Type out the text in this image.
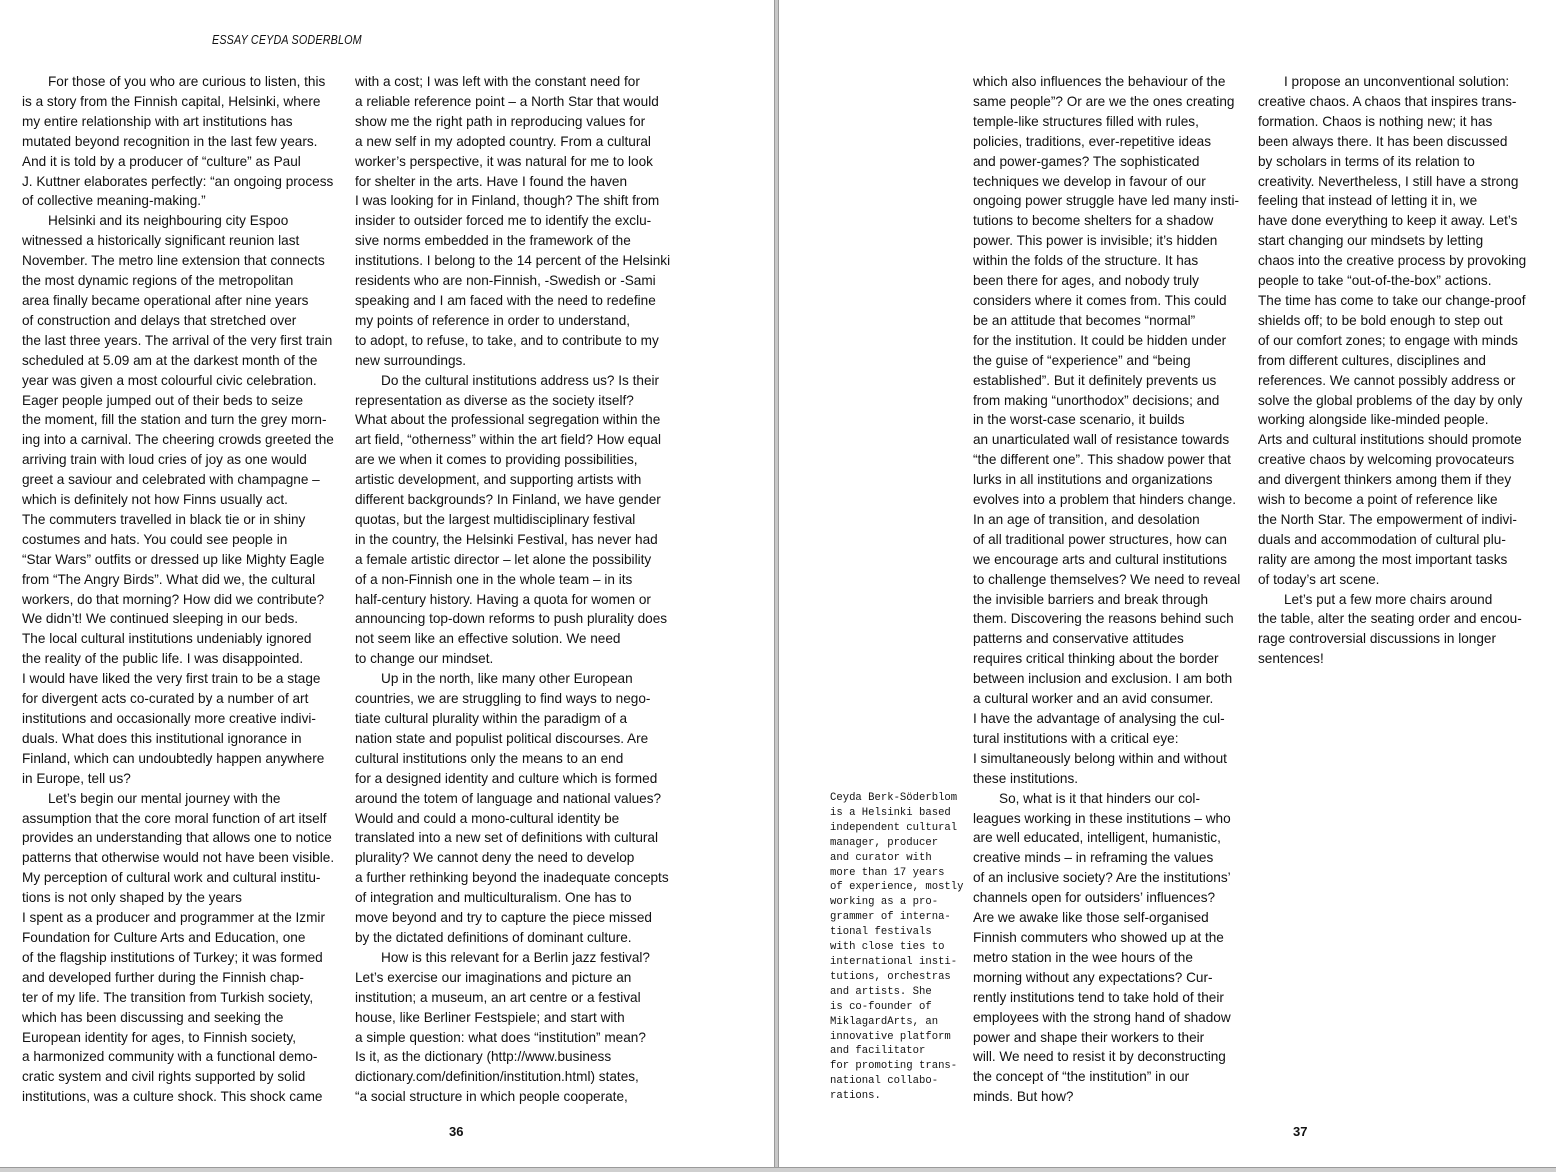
ESSAY CEYDA SODERBLOM
For those of you who are curious to listen, this
is a story from the Finnish capital, Helsinki, where
my entire relationship with art institutions has
mutated beyond recognition in the last few years.
And it is told by a producer of “culture” as Paul
J. Kuttner elaborates perfectly: “an ongoing process
of collective meaning-making.”
Helsinki and its neighbouring city Espoo
witnessed a historically significant reunion last
November. The metro line extension that connects
the most dynamic regions of the metropolitan
area finally became operational after nine years
of construction and delays that stretched over
the last three years. The arrival of the very first train
scheduled at 5.09 am at the darkest month of the
year was given a most colourful civic celebration.
Eager people jumped out of their beds to seize
the moment, fill the station and turn the grey morn-
ing into a carnival. The cheering crowds greeted the
arriving train with loud cries of joy as one would
greet a saviour and celebrated with champagne –
which is definitely not how Finns usually act.
The commuters travelled in black tie or in shiny
costumes and hats. You could see people in
“Star Wars” outfits or dressed up like Mighty Eagle
from “The Angry Birds”. What did we, the cultural
workers, do that morning? How did we contribute?
We didn’t! We continued sleeping in our beds.
The local cultural institutions undeniably ignored
the reality of the public life. I was disappointed.
I would have liked the very first train to be a stage
for divergent acts co-curated by a number of art
institutions and occasionally more creative indivi-
duals. What does this institutional ignorance in
Finland, which can undoubtedly happen anywhere
in Europe, tell us?
Let’s begin our mental journey with the
assumption that the core moral function of art itself
provides an understanding that allows one to notice
patterns that otherwise would not have been visible.
My perception of cultural work and cultural institu-
tions is not only shaped by the years
I spent as a producer and programmer at the Izmir
Foundation for Culture Arts and Education, one
of the flagship institutions of Turkey; it was formed
and developed further during the Finnish chap-
ter of my life. The transition from Turkish society,
which has been discussing and seeking the
European identity for ages, to Finnish society,
a harmonized community with a functional demo-
cratic system and civil rights supported by solid
institutions, was a culture shock. This shock came
with a cost; I was left with the constant need for
a reliable reference point – a North Star that would
show me the right path in reproducing values for
a new self in my adopted country. From a cultural
worker’s perspective, it was natural for me to look
for shelter in the arts. Have I found the haven
I was looking for in Finland, though? The shift from
insider to outsider forced me to identify the exclu-
sive norms embedded in the framework of the
institutions. I belong to the 14 percent of the Helsinki
residents who are non-Finnish, -Swedish or -Sami
speaking and I am faced with the need to redefine
my points of reference in order to understand,
to adopt, to refuse, to take, and to contribute to my
new surroundings.
Do the cultural institutions address us? Is their
representation as diverse as the society itself?
What about the professional segregation within the
art field, “otherness” within the art field? How equal
are we when it comes to providing possibilities,
artistic development, and supporting artists with
different backgrounds? In Finland, we have gender
quotas, but the largest multidisciplinary festival
in the country, the Helsinki Festival, has never had
a female artistic director – let alone the possibility
of a non-Finnish one in the whole team – in its
half-century history. Having a quota for women or
announcing top-down reforms to push plurality does
not seem like an effective solution. We need
to change our mindset.
Up in the north, like many other European
countries, we are struggling to find ways to nego-
tiate cultural plurality within the paradigm of a
nation state and populist political discourses. Are
cultural institutions only the means to an end
for a designed identity and culture which is formed
around the totem of language and national values?
Would and could a mono-cultural identity be
translated into a new set of definitions with cultural
plurality? We cannot deny the need to develop
a further rethinking beyond the inadequate concepts
of integration and multiculturalism. One has to
move beyond and try to capture the piece missed
by the dictated definitions of dominant culture.
How is this relevant for a Berlin jazz festival?
Let’s exercise our imaginations and picture an
institution; a museum, an art centre or a festival
house, like Berliner Festspiele; and start with
a simple question: what does “institution” mean?
Is it, as the dictionary (http://www.business
dictionary.com/definition/institution.html) states,
“a social structure in which people cooperate,
36
Ceyda Berk-Söderblom
is a Helsinki based
independent cultural
manager, producer
and curator with
more than 17 years
of experience, mostly
working as a pro-
grammer of interna-
tional festivals
with close ties to
international insti-
tutions, orchestras
and artists. She
is co-founder of
MiklagardArts, an
innovative platform
and facilitator
for promoting trans-
national collabo-
rations.
which also influences the behaviour of the
same people”? Or are we the ones creating
temple-like structures filled with rules,
policies, traditions, ever-repetitive ideas
and power-games? The sophisticated
techniques we develop in favour of our
ongoing power struggle have led many insti-
tutions to become shelters for a shadow
power. This power is invisible; it’s hidden
within the folds of the structure. It has
been there for ages, and nobody truly
considers where it comes from. This could
be an attitude that becomes “normal”
for the institution. It could be hidden under
the guise of “experience” and “being
established”. But it definitely prevents us
from making “unorthodox” decisions; and
in the worst-case scenario, it builds
an unarticulated wall of resistance towards
“the different one”. This shadow power that
lurks in all institutions and organizations
evolves into a problem that hinders change.
In an age of transition, and desolation
of all traditional power structures, how can
we encourage arts and cultural institutions
to challenge themselves? We need to reveal
the invisible barriers and break through
them. Discovering the reasons behind such
patterns and conservative attitudes
requires critical thinking about the border
between inclusion and exclusion. I am both
a cultural worker and an avid consumer.
I have the advantage of analysing the cul-
tural institutions with a critical eye:
I simultaneously belong within and without
these institutions.
So, what is it that hinders our col-
leagues working in these institutions – who
are well educated, intelligent, humanistic,
creative minds – in reframing the values
of an inclusive society? Are the institutions’
channels open for outsiders’ influences?
Are we awake like those self-organised
Finnish commuters who showed up at the
metro station in the wee hours of the
morning without any expectations? Cur-
rently institutions tend to take hold of their
employees with the strong hand of shadow
power and shape their workers to their
will. We need to resist it by deconstructing
the concept of “the institution” in our
minds. But how?
I propose an unconventional solution:
creative chaos. A chaos that inspires trans-
formation. Chaos is nothing new; it has
been always there. It has been discussed
by scholars in terms of its relation to
creativity. Nevertheless, I still have a strong
feeling that instead of letting it in, we
have done everything to keep it away. Let’s
start changing our mindsets by letting
chaos into the creative process by provoking
people to take “out-of-the-box” actions.
The time has come to take our change-proof
shields off; to be bold enough to step out
of our comfort zones; to engage with minds
from different cultures, disciplines and
references. We cannot possibly address or
solve the global problems of the day by only
working alongside like-minded people.
Arts and cultural institutions should promote
creative chaos by welcoming provocateurs
and divergent thinkers among them if they
wish to become a point of reference like
the North Star. The empowerment of indivi-
duals and accommodation of cultural plu-
rality are among the most important tasks
of today’s art scene.
Let’s put a few more chairs around
the table, alter the seating order and encou-
rage controversial discussions in longer
sentences!
37
